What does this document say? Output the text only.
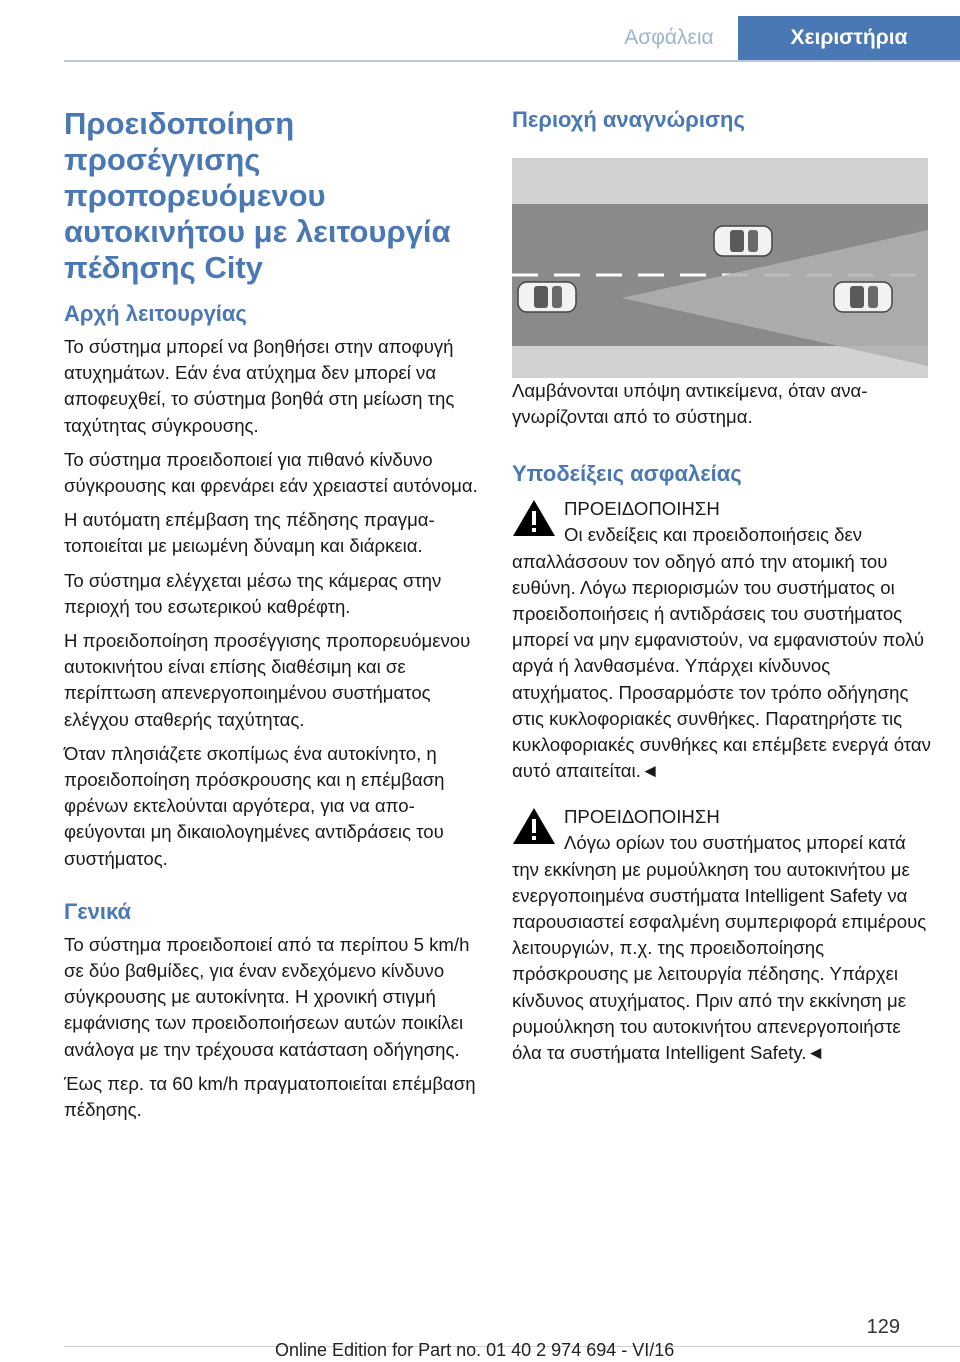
Ασφάλεια	Χειριστήρια
Προειδοποίηση προσέγγισης προπορευόμενου αυτοκινήτου με λειτουργία πέδησης City
Αρχή λειτουργίας

Το σύστημα μπορεί να βοηθήσει στην αποφυγή ατυχημάτων. Εάν ένα ατύχημα δεν μπορεί να αποφευχθεί, το σύστημα βοηθά στη μείωση της ταχύτητας σύγκρουσης.

Το σύστημα προειδοποιεί για πιθανό κίνδυνο σύγκρουσης και φρενάρει εάν χρειαστεί αυτόνομα.

Η αυτόματη επέμβαση της πέδησης πραγματοποιείται με μειωμένη δύναμη και διάρκεια.

Το σύστημα ελέγχεται μέσω της κάμερας στην περιοχή του εσωτερικού καθρέφτη.

Η προειδοποίηση προσέγγισης προπορευόμενου αυτοκινήτου είναι επίσης διαθέσιμη και σε περίπτωση απενεργοποιημένου συστήματος ελέγχου σταθερής ταχύτητας.

Όταν πλησιάζετε σκοπίμως ένα αυτοκίνητο, η προειδοποίηση πρόσκρουσης και η επέμβαση φρένων εκτελούνται αργότερα, για να αποφεύγονται μη δικαιολογημένες αντιδράσεις του συστήματος.

Γενικά

Το σύστημα προειδοποιεί από τα περίπου 5 km/h σε δύο βαθμίδες, για έναν ενδεχόμενο κίνδυνο σύγκρουσης με αυτοκίνητα. Η χρονική στιγμή εμφάνισης των προειδοποιήσεων αυτών ποικίλει ανάλογα με την τρέχουσα κατάσταση οδήγησης.

Έως περ. τα 60 km/h πραγματοποιείται επέμβαση πέδησης.

Περιοχή αναγνώρισης

Λαμβάνονται υπόψη αντικείμενα, όταν αναγνωρίζονται από το σύστημα.

Υποδείξεις ασφαλείας
ΠΡΟΕΙΔΟΠΟΙΗΣΗ

Οι ενδείξεις και προειδοποιήσεις δεν απαλλάσσουν τον οδηγό από την ατομική του ευθύνη. Λόγω περιορισμών του συστήματος οι προειδοποιήσεις ή αντιδράσεις του συστήματος μπορεί να μην εμφανιστούν, να εμφανιστούν πολύ αργά ή λανθασμένα. Υπάρχει κίνδυνος ατυχήματος. Προσαρμόστε τον τρόπο οδήγησης στις κυκλοφοριακές συνθήκες. Παρατηρήστε τις κυκλοφοριακές συνθήκες και επέμβετε ενεργά όταν αυτό απαιτείται.◄

ΠΡΟΕΙΔΟΠΟΙΗΣΗ

Λόγω ορίων του συστήματος μπορεί κατά την εκκίνηση με ρυμούλκηση του αυτοκινήτου με ενεργοποιημένα συστήματα Intelligent Safety να παρουσιαστεί εσφαλμένη συμπεριφορά επιμέρους λειτουργιών, π.χ. της προειδοποίησης πρόσκρουσης με λειτουργία πέδησης. Υπάρχει κίνδυνος ατυχήματος. Πριν από την εκκίνηση με ρυμούλκηση του αυτοκινήτου απενεργοποιήστε όλα τα συστήματα Intelligent Safety.◄

129
Online Edition for Part no. 01 40 2 974 694 - VI/16
